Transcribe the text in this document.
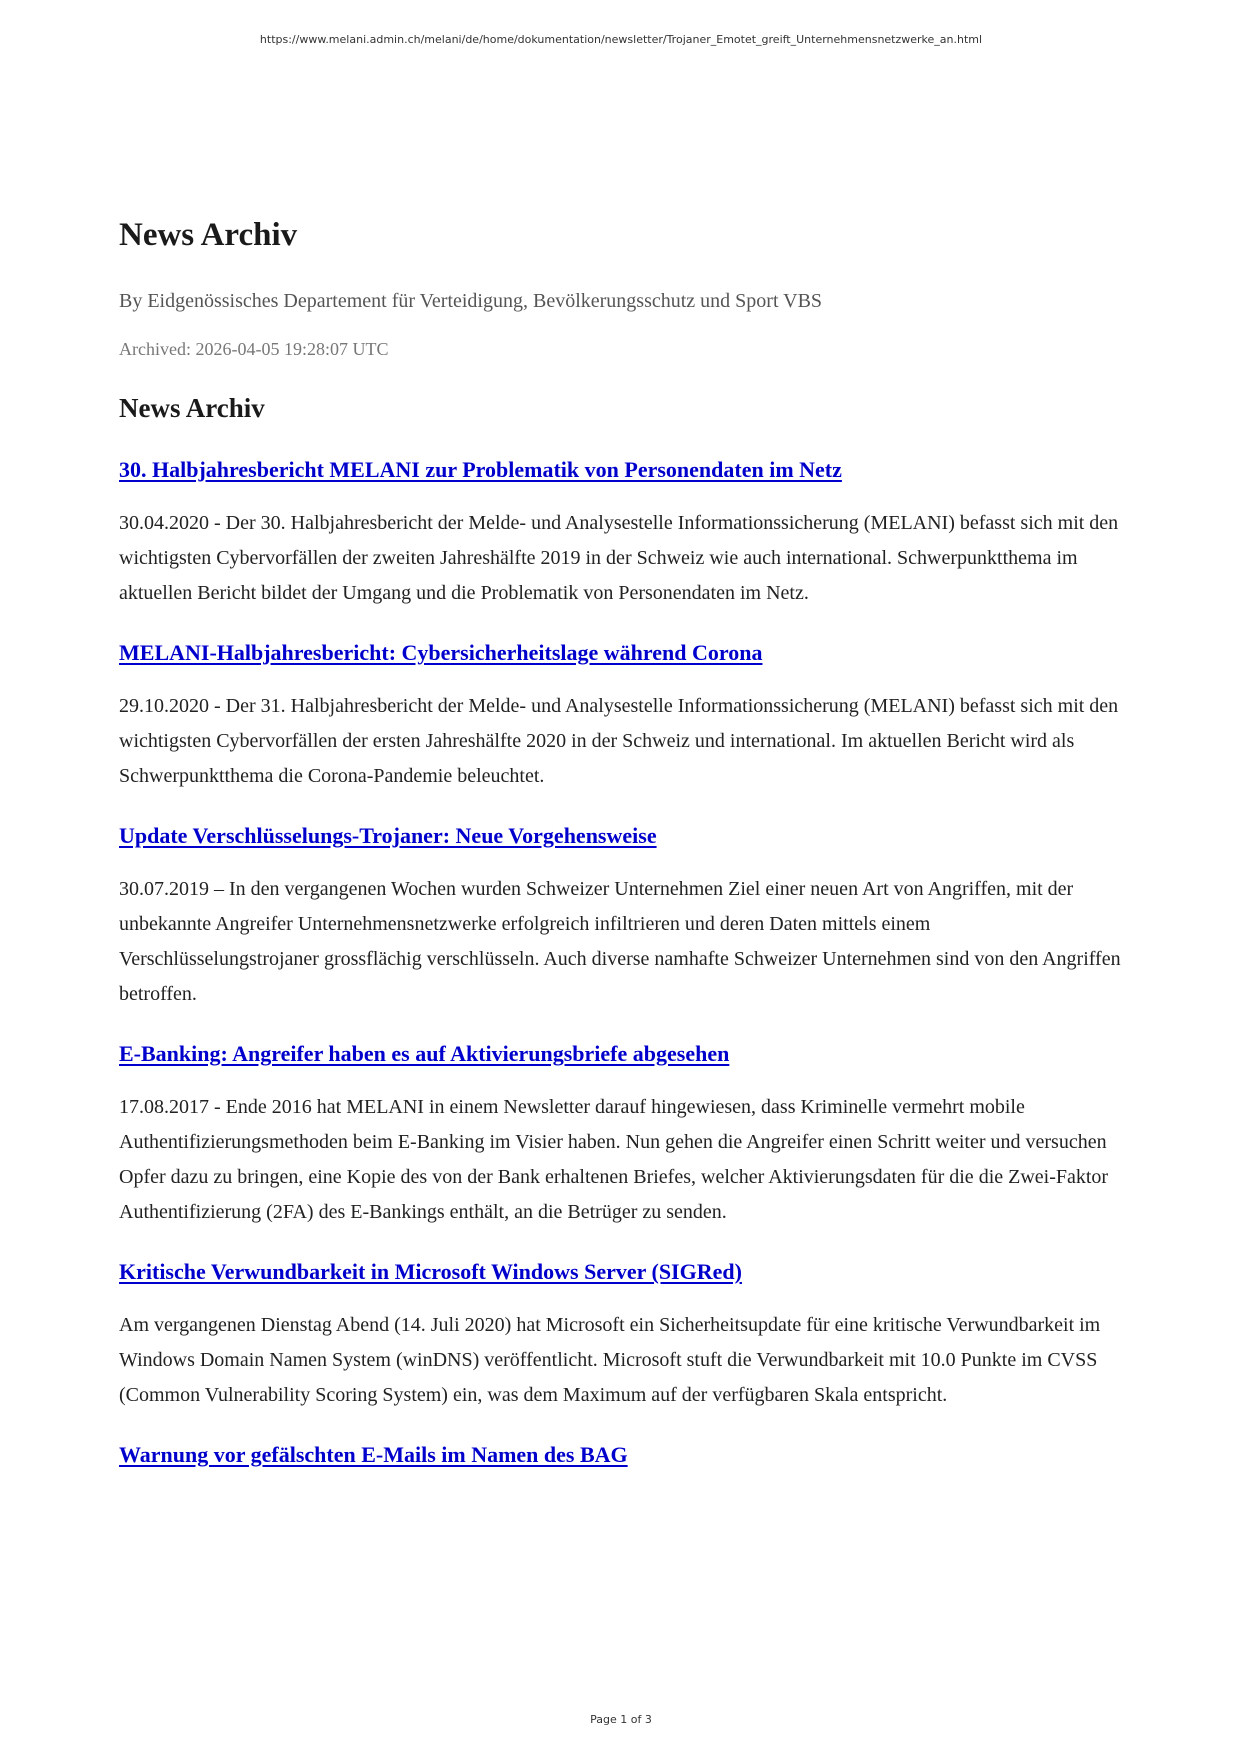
https://www.melani.admin.ch/melani/de/home/dokumentation/newsletter/Trojaner_Emotet_greift_Unternehmensnetzwerke_an.html
News Archiv

By Eidgenössisches Departement für Verteidigung, Bevölkerungsschutz und Sport VBS

Archived: 2026-04-05 19:28:07 UTC

News Archiv
30. Halbjahresbericht MELANI zur Problematik von Personendaten im Netz

30.04.2020 - Der 30. Halbjahresbericht der Melde- und Analysestelle Informationssicherung (MELANI) befasst sich mit den wichtigsten Cybervorfällen der zweiten Jahreshälfte 2019 in der Schweiz wie auch international. Schwerpunktthema im aktuellen Bericht bildet der Umgang und die Problematik von Personendaten im Netz.

MELANI-Halbjahresbericht: Cybersicherheitslage während Corona

29.10.2020 - Der 31. Halbjahresbericht der Melde- und Analysestelle Informationssicherung (MELANI) befasst sich mit den wichtigsten Cybervorfällen der ersten Jahreshälfte 2020 in der Schweiz und international. Im aktuellen Bericht wird als Schwerpunktthema die Corona-Pandemie beleuchtet.

Update Verschlüsselungs-Trojaner: Neue Vorgehensweise

30.07.2019 – In den vergangenen Wochen wurden Schweizer Unternehmen Ziel einer neuen Art von Angriffen, mit der unbekannte Angreifer Unternehmensnetzwerke erfolgreich infiltrieren und deren Daten mittels einem Verschlüsselungstrojaner grossflächig verschlüsseln. Auch diverse namhafte Schweizer Unternehmen sind von den Angriffen betroffen.

E-Banking: Angreifer haben es auf Aktivierungsbriefe abgesehen

17.08.2017 - Ende 2016 hat MELANI in einem Newsletter darauf hingewiesen, dass Kriminelle vermehrt mobile Authentifizierungsmethoden beim E-Banking im Visier haben. Nun gehen die Angreifer einen Schritt weiter und versuchen Opfer dazu zu bringen, eine Kopie des von der Bank erhaltenen Briefes, welcher Aktivierungsdaten für die die Zwei-Faktor Authentifizierung (2FA) des E-Bankings enthält, an die Betrüger zu senden.

Kritische Verwundbarkeit in Microsoft Windows Server (SIGRed)

Am vergangenen Dienstag Abend (14. Juli 2020) hat Microsoft ein Sicherheitsupdate für eine kritische Verwundbarkeit im Windows Domain Namen System (winDNS) veröffentlicht. Microsoft stuft die Verwundbarkeit mit 10.0 Punkte im CVSS (Common Vulnerability Scoring System) ein, was dem Maximum auf der verfügbaren Skala entspricht.

Warnung vor gefälschten E-Mails im Namen des BAG
Page 1 of 3
